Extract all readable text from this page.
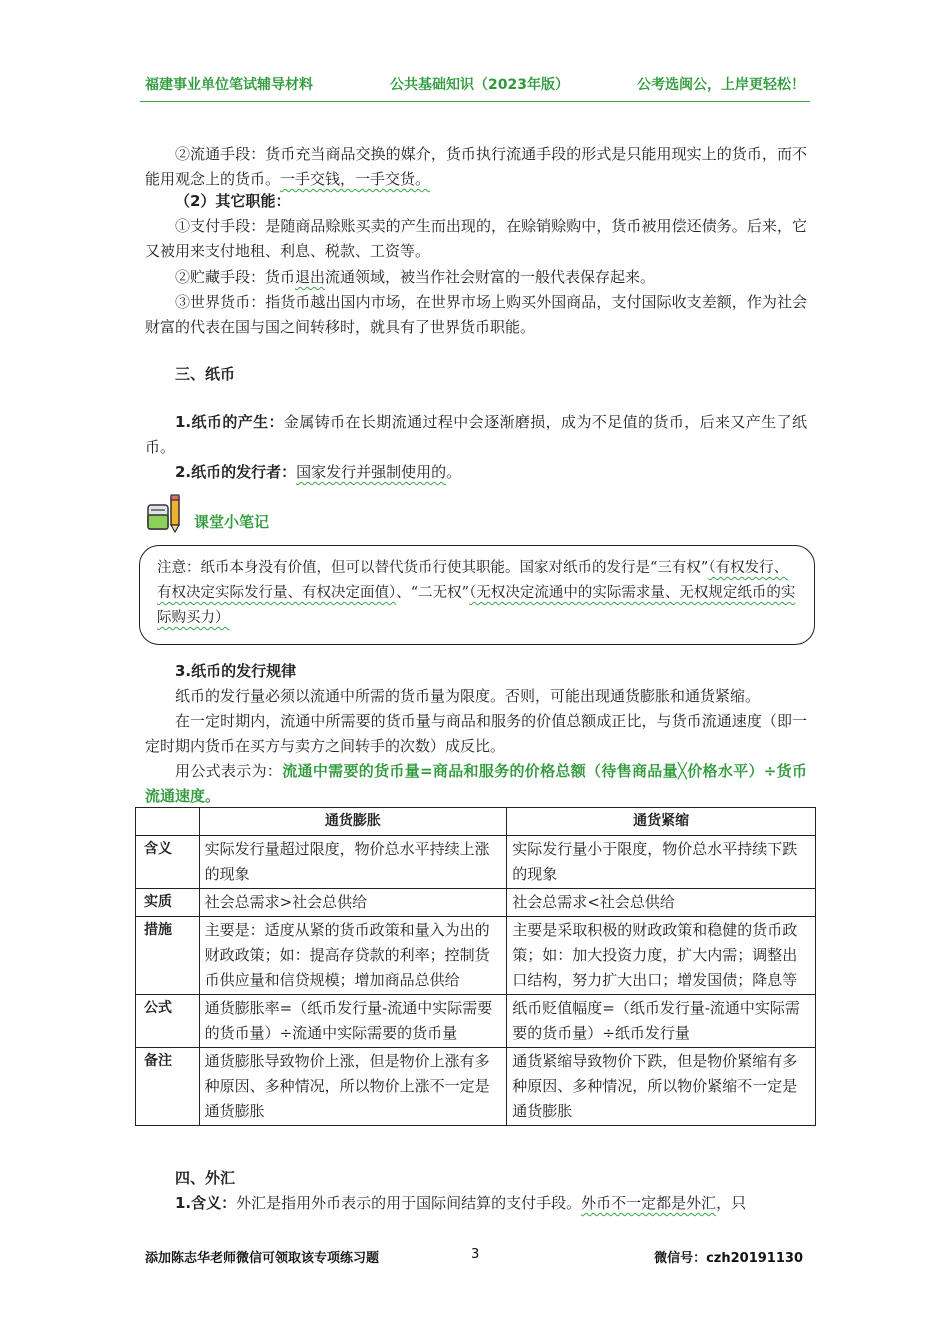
福建事业单位笔试辅导材料	公共基础知识（2023年版）	公考选闽公，上岸更轻松！
②流通手段：货币充当商品交换的媒介，货币执行流通手段的形式是只能用现实上的货币，而不能用观念上的货币。一手交钱，一手交货。
（2）其它职能：
①支付手段：是随商品赊账买卖的产生而出现的，在赊销赊购中，货币被用偿还债务。后来，它又被用来支付地租、利息、税款、工资等。
②贮藏手段：货币退出流通领域，被当作社会财富的一般代表保存起来。
③世界货币：指货币越出国内市场，在世界市场上购买外国商品，支付国际收支差额，作为社会财富的代表在国与国之间转移时，就具有了世界货币职能。
三、纸币
1.纸币的产生：金属铸币在长期流通过程中会逐渐磨损，成为不足值的货币，后来又产生了纸币。
2.纸币的发行者：国家发行并强制使用的。
课堂小笔记
注意：纸币本身没有价值，但可以替代货币行使其职能。国家对纸币的发行是“三有权”（有权发行、有权决定实际发行量、有权决定面值）、“二无权”（无权决定流通中的实际需求量、无权规定纸币的实际购买力）
3.纸币的发行规律
纸币的发行量必须以流通中所需的货币量为限度。否则，可能出现通货膨胀和通货紧缩。
在一定时期内，流通中所需要的货币量与商品和服务的价值总额成正比，与货币流通速度（即一定时期内货币在买方与卖方之间转手的次数）成反比。
用公式表示为：流通中需要的货币量=商品和服务的价格总额（待售商品量╳价格水平）÷货币流通速度。
	通货膨胀	通货紧缩
含义	实际发行量超过限度，物价总水平持续上涨的现象	实际发行量小于限度，物价总水平持续下跌的现象
实质	社会总需求>社会总供给	社会总需求<社会总供给
措施	主要是：适度从紧的货币政策和量入为出的财政政策；如：提高存贷款的利率；控制货币供应量和信贷规模；增加商品总供给	主要是采取积极的财政政策和稳健的货币政策；如：加大投资力度，扩大内需；调整出口结构，努力扩大出口；增发国债；降息等
公式	通货膨胀率=（纸币发行量-流通中实际需要的货币量）÷流通中实际需要的货币量	纸币贬值幅度=（纸币发行量-流通中实际需要的货币量）÷纸币发行量
备注	通货膨胀导致物价上涨，但是物价上涨有多种原因、多种情况，所以物价上涨不一定是通货膨胀	通货紧缩导致物价下跌，但是物价紧缩有多种原因、多种情况，所以物价紧缩不一定是通货膨胀
四、外汇
1.含义：外汇是指用外币表示的用于国际间结算的支付手段。外币不一定都是外汇，只
添加陈志华老师微信可领取该专项练习题	3	微信号：czh20191130
